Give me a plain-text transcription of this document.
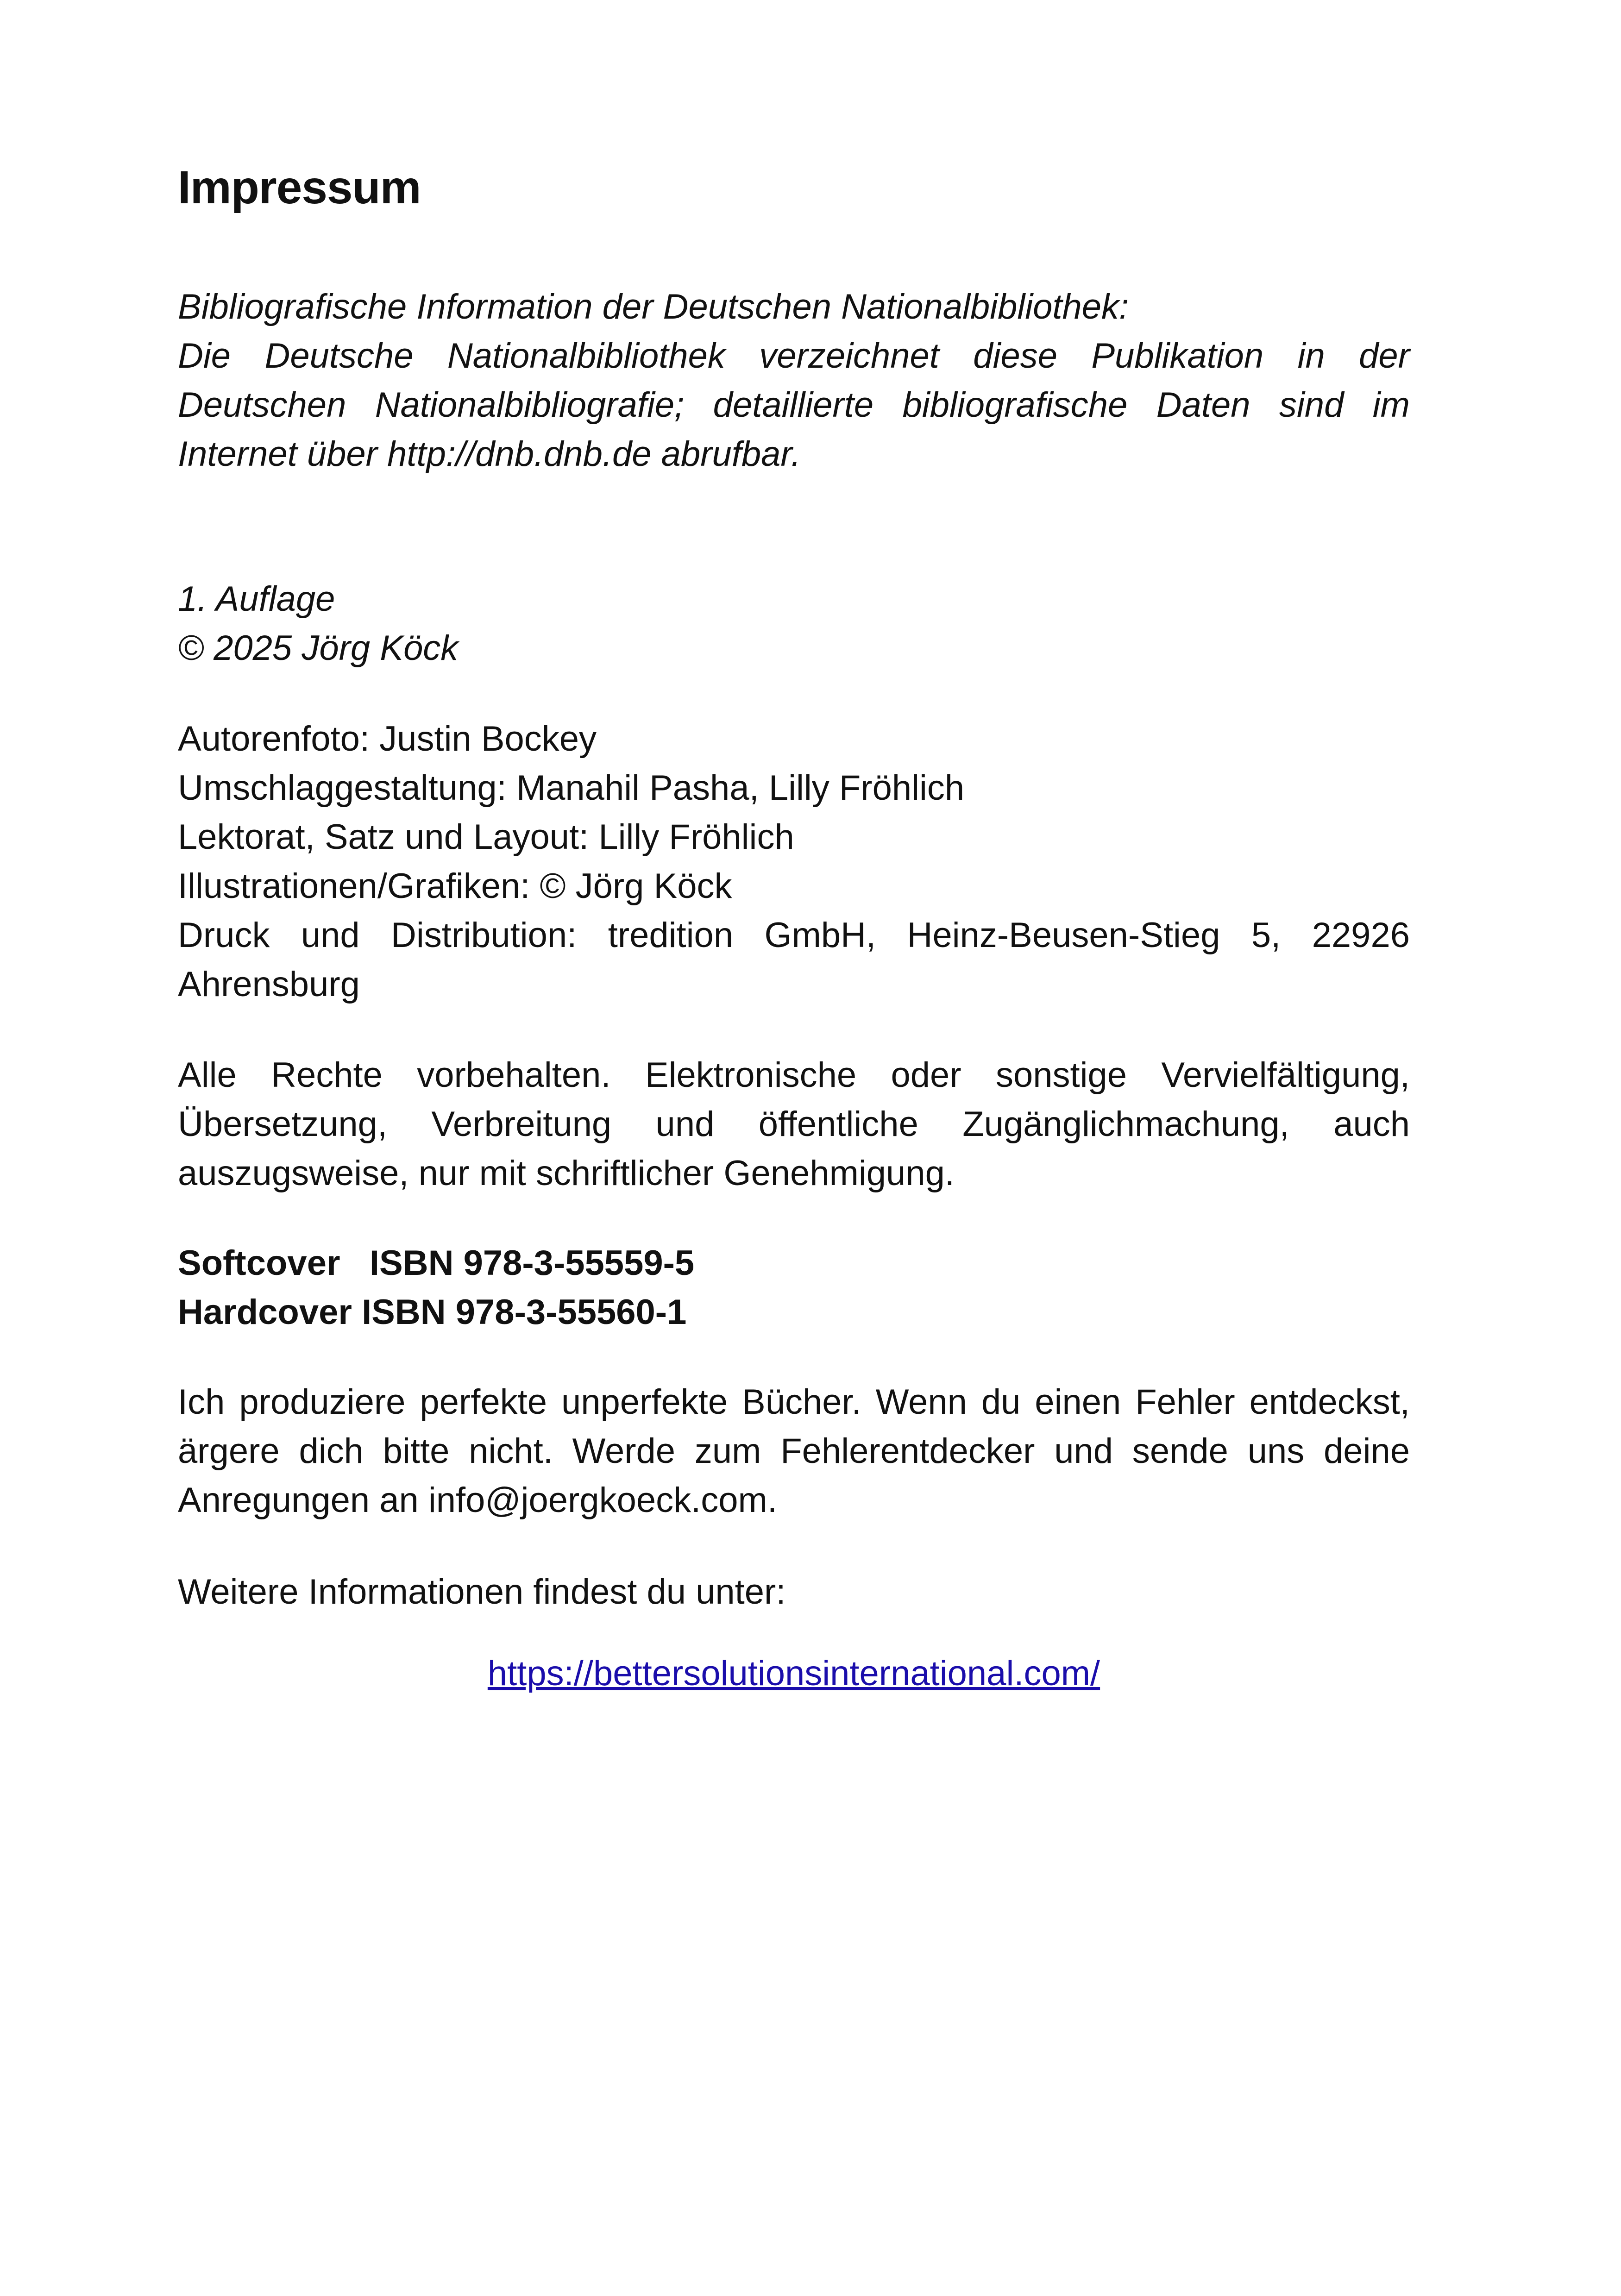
Impressum

Bibliografische Information der Deutschen Nationalbibliothek:
Die Deutsche Nationalbibliothek verzeichnet diese Publikation in der Deutschen Nationalbibliografie; detaillierte bibliografische Daten sind im Internet über http://dnb.dnb.de abrufbar.

1. Auflage
© 2025 Jörg Köck

Autorenfoto: Justin Bockey
Umschlaggestaltung: Manahil Pasha, Lilly Fröhlich
Lektorat, Satz und Layout: Lilly Fröhlich
Illustrationen/Grafiken: © Jörg Köck
Druck und Distribution: tredition GmbH, Heinz-Beusen-Stieg 5, 22926 Ahrensburg

Alle Rechte vorbehalten. Elektronische oder sonstige Vervielfältigung, Übersetzung, Verbreitung und öffentliche Zugänglichmachung, auch auszugsweise, nur mit schriftlicher Genehmigung.

Softcover   ISBN 978-3-55559-5
Hardcover ISBN 978-3-55560-1

Ich produziere perfekte unperfekte Bücher. Wenn du einen Fehler entdeckst, ärgere dich bitte nicht. Werde zum Fehlerentdecker und sende uns deine Anregungen an info@joergkoeck.com.

Weitere Informationen findest du unter:

https://bettersolutionsinternational.com/
